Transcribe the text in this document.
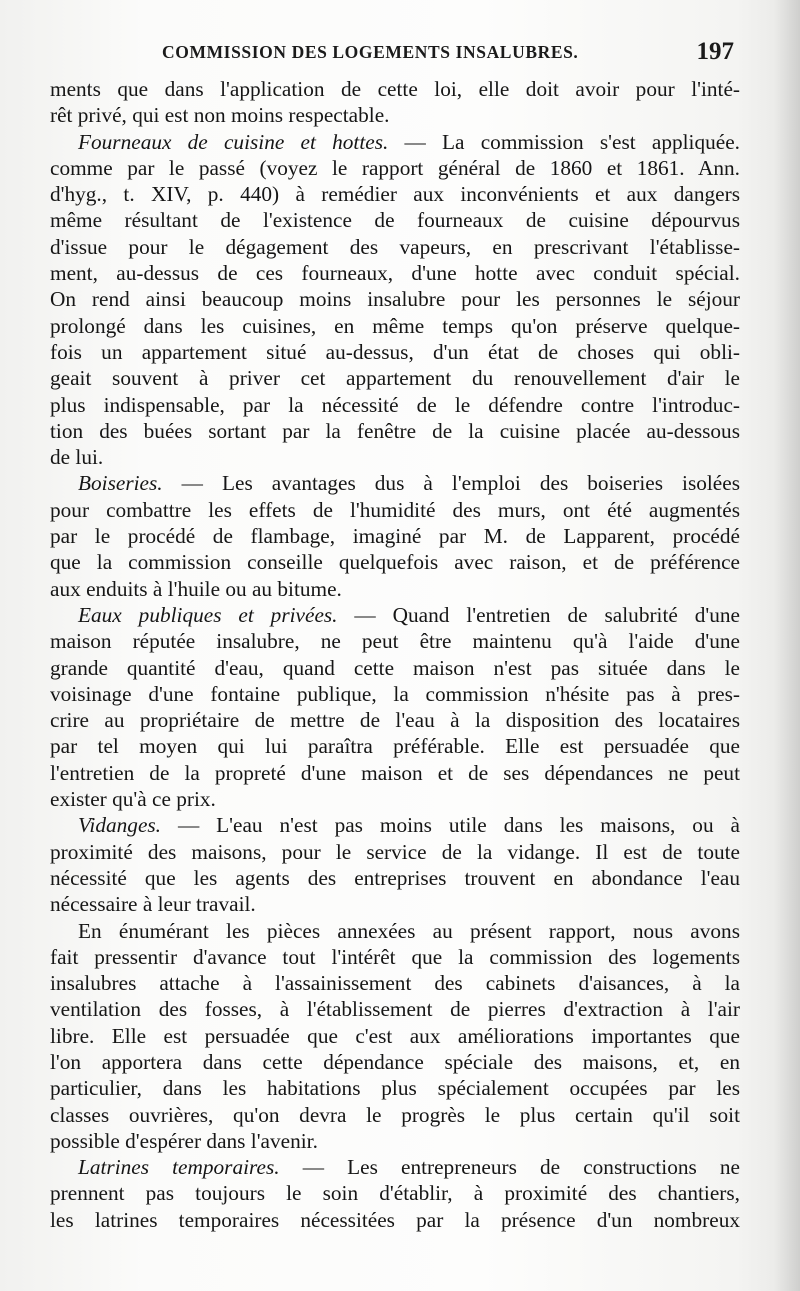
COMMISSION DES LOGEMENTS INSALUBRES.	197
ments que dans l'application de cette loi, elle doit avoir pour l'inté-
rêt privé, qui est non moins respectable.
Fourneaux de cuisine et hottes. — La commission s'est appliquée.
comme par le passé (voyez le rapport général de 1860 et 1861. Ann.
d'hyg., t. XIV, p. 440) à remédier aux inconvénients et aux dangers
même résultant de l'existence de fourneaux de cuisine dépourvus
d'issue pour le dégagement des vapeurs, en prescrivant l'établisse-
ment, au-dessus de ces fourneaux, d'une hotte avec conduit spécial.
On rend ainsi beaucoup moins insalubre pour les personnes le séjour
prolongé dans les cuisines, en même temps qu'on préserve quelque-
fois un appartement situé au-dessus, d'un état de choses qui obli-
geait souvent à priver cet appartement du renouvellement d'air le
plus indispensable, par la nécessité de le défendre contre l'introduc-
tion des buées sortant par la fenêtre de la cuisine placée au-dessous
de lui.
Boiseries. — Les avantages dus à l'emploi des boiseries isolées
pour combattre les effets de l'humidité des murs, ont été augmentés
par le procédé de flambage, imaginé par M. de Lapparent, procédé
que la commission conseille quelquefois avec raison, et de préférence
aux enduits à l'huile ou au bitume.
Eaux publiques et privées. — Quand l'entretien de salubrité d'une
maison réputée insalubre, ne peut être maintenu qu'à l'aide d'une
grande quantité d'eau, quand cette maison n'est pas située dans le
voisinage d'une fontaine publique, la commission n'hésite pas à pres-
crire au propriétaire de mettre de l'eau à la disposition des locataires
par tel moyen qui lui paraîtra préférable. Elle est persuadée que
l'entretien de la propreté d'une maison et de ses dépendances ne peut
exister qu'à ce prix.
Vidanges. — L'eau n'est pas moins utile dans les maisons, ou à
proximité des maisons, pour le service de la vidange. Il est de toute
nécessité que les agents des entreprises trouvent en abondance l'eau
nécessaire à leur travail.
En énumérant les pièces annexées au présent rapport, nous avons
fait pressentir d'avance tout l'intérêt que la commission des logements
insalubres attache à l'assainissement des cabinets d'aisances, à la
ventilation des fosses, à l'établissement de pierres d'extraction à l'air
libre. Elle est persuadée que c'est aux améliorations importantes que
l'on apportera dans cette dépendance spéciale des maisons, et, en
particulier, dans les habitations plus spécialement occupées par les
classes ouvrières, qu'on devra le progrès le plus certain qu'il soit
possible d'espérer dans l'avenir.
Latrines temporaires. — Les entrepreneurs de constructions ne
prennent pas toujours le soin d'établir, à proximité des chantiers,
les latrines temporaires nécessitées par la présence d'un nombreux
